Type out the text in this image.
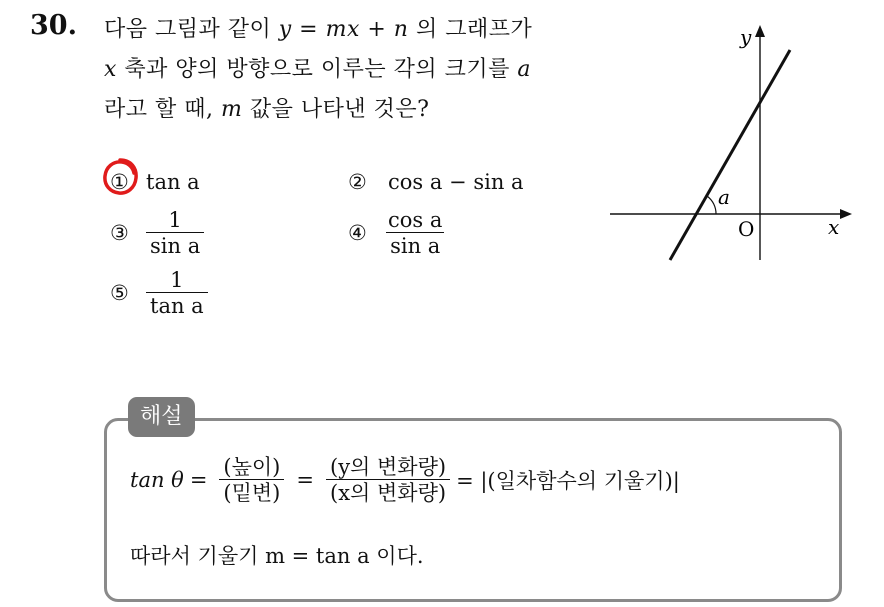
30. 다음 그림과 같이 y = mx + n 의 그래프가
x 축과 양의 방향으로 이루는 각의 크기를 a
라고 할 때, m 값을 나타낸 것은?
① tan a	②	cos a − sin a
③ $\frac{1}{\text{sin a}}$	④ $\frac{\text{cos a}}{\text{sin a}}$
⑤ $\frac{1}{\text{tan a}}$
y
x
O
a
해설
$\tan \theta = \frac{\text{(높이)}}{\text{(밑변)}} = \frac{\text{(y의 변화량)}}{\text{(x의 변화량)}}$ = |(일차함수의 기울기)|
따라서 기울기 m = tan a 이다.
